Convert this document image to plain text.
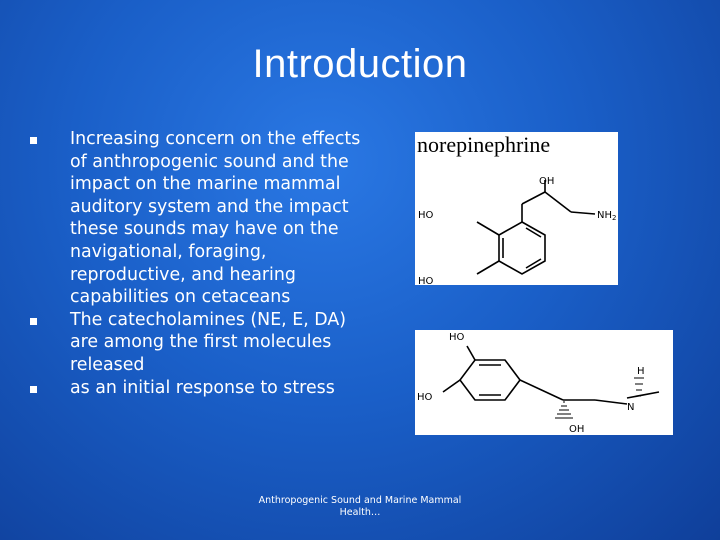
Introduction
Increasing concern on the effects of anthropogenic sound and the impact on the marine mammal auditory system and the impact these sounds may have on the navigational, foraging, reproductive, and hearing capabilities on cetaceans
The catecholamines (NE, E, DA) are among the first molecules released
as an initial response to stress
norepinephrine
OH
$NH_2$
HO
HO
HO
HO
H
N
OH
Anthropogenic Sound and Marine Mammal Health…
